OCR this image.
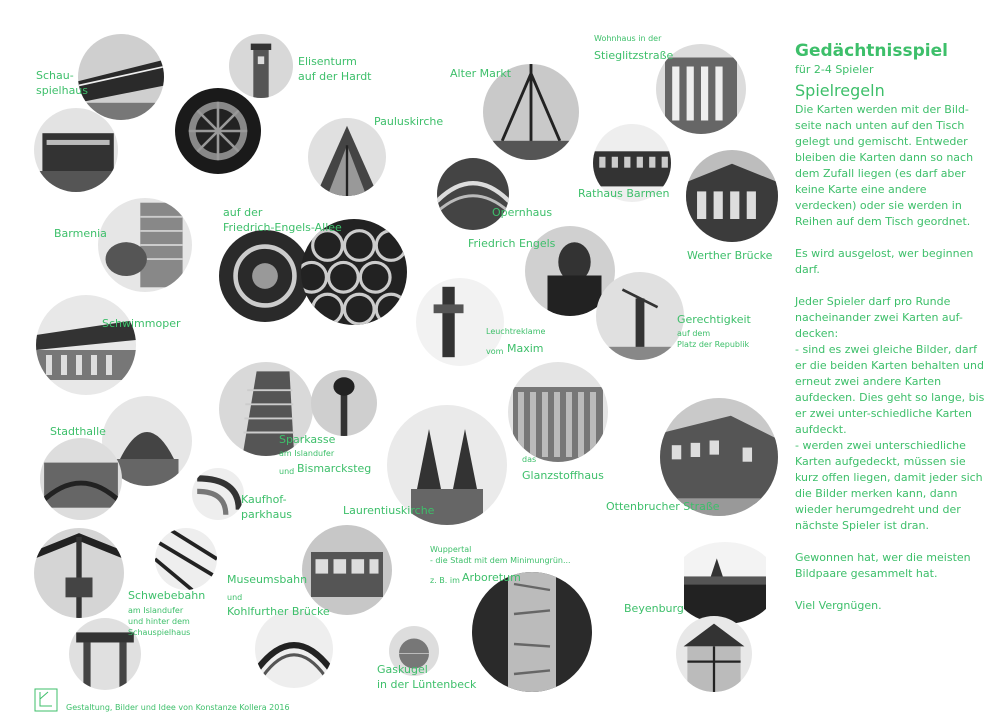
Schau-
spielhaus
Elisenturm
auf der Hardt	Alter Markt
Wohnhaus in der
Stieglitzstraße
Pauluskirche
Rathaus Barmen
Opernhaus
Barmenia
auf der
Friedrich-Engels-Allee
Friedrich Engels
Werther Brücke
Schwimmoper	Gerechtigkeit
auf dem
Platz der Republik
Leuchtreklame
vom Maxim
Stadthalle
Sparkasse
am Islandufer
und Bismarcksteg
das
Glanzstoffhaus
Kaufhof-
parkhaus	Laurentiuskirche	Ottenbrucher Straße
Wuppertal
- die Stadt mit dem Minimungrün...
z. B. im Arboretum
Schwebebahn
am Islandufer
und hinter dem
Schauspielhaus
Museumsbahn
und
Kohlfurther Brücke	Beyenburg
Gaskugel
in der Lüntenbeck
Gedächtnisspiel
für 2-4 Spieler
Spielregeln

Die Karten werden mit der Bild-seite nach unten auf den Tisch gelegt und gemischt. Entweder bleiben die Karten dann so nach dem Zufall liegen (es darf aber keine Karte eine andere verdecken) oder sie werden in Reihen auf dem Tisch geordnet.

Es wird ausgelost, wer beginnen darf.

Jeder Spieler darf pro Runde nacheinander zwei Karten auf-decken:
- sind es zwei gleiche Bilder, darf er die beiden Karten behalten und erneut zwei andere Karten aufdecken. Dies geht so lange, bis er zwei unter-schiedliche Karten aufdeckt.
- werden zwei unterschiedliche Karten aufgedeckt, müssen sie kurz offen liegen, damit jeder sich die Bilder merken kann, dann wieder herumgedreht und der nächste Spieler ist dran.

Gewonnen hat, wer die meisten Bildpaare gesammelt hat.

Viel Vergnügen.

Gestaltung, Bilder und Idee von Konstanze Kollera 2016
